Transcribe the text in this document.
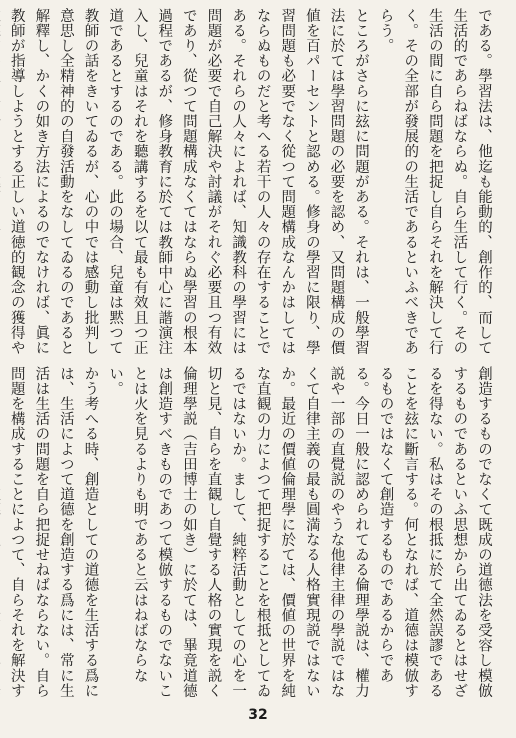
である。學習法は、他迄も能動的、創作的、而して生活的であらねばならぬ。自ら生活して行く。その生活の間に自ら問題を把捉し自らそれを解決して行く。その全部が發展的の生活であるといふべきであらう。
ところがさらに玆に問題がある。それは、一般學習法に於ては學習問題の必要を認め、又問題構成の價値を百パーセントと認める。修身の學習に限り、學習問題も必要でなく從つて問題構成なんかはしてはならぬものだと考へる若干の人々の存在することである。それらの人々によれば、知識教科の學習には問題が必要で自己解決や討議がそれぐ必要且つ有效であり、從つて問題構成なくてはならぬ學習の根本過程であるが、修身教育に於ては教師中心に諧演注入し、兒童はそれを聽講するを以て最も有效且つ正道であるとするのである。此の場合、兒童は黙つて教師の話をきいてゐるが、心の中では感動し批判し意思し全精神的の自發活動をなしてゐるのであると解釋し、かくの如き方法によるのでなければ、眞に教師が指導しようとする正しい道徳的観念の獲得や

創造するものでなくて既成の道德法を受容し模倣するものであるといふ思想から出てゐるとはせざるを得ない。私はその根抵に於て全然誤謬であることを玆に斷言する。何となれば、道德は模倣するものではなくて創造するものであるからである。今日一般に認められてゐる倫理學説は、權力説や一部の直覺説のやうな他律主律の學説ではなくて自律主義の最も圓満なる人格實現説ではないか。最近の價値倫理學に於ては、價値の世界を純な直観の力によつて把捉することを根抵としてゐるではないか。まして、純粹活動としての心を一切と見、自らを直観し自覺する人格の實現を説く倫理學説（吉田博士の如き）に於ては、畢竟道德は創造すべきものであつて模倣するものでないことは火を見るよりも明であると云はねばならない。
かう考へる時、創造としての道德を生活する爲には、生活によつて道德を創造する爲には、常に生活は生活の問題を自ら把捉せねばならない。自ら問題を構成することによつて、自らそれを解決す

32
